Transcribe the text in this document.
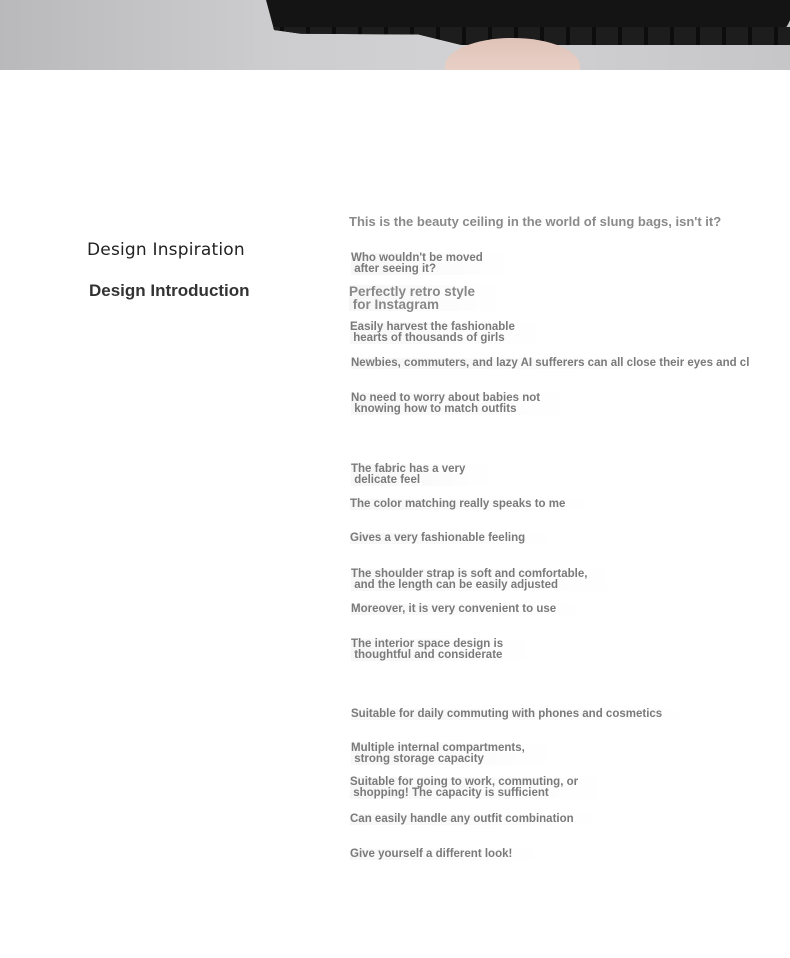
Design Inspiration
Design Introduction
This is the beauty ceiling in the world of slung bags, isn't it?

Who wouldn't be moved
after seeing it?

Perfectly retro style
for Instagram

Easily harvest the fashionable
hearts of thousands of girls

Newbies, commuters, and lazy AI sufferers can all close their eyes and cl

No need to worry about babies not
knowing how to match outfits

The fabric has a very
delicate feel

The color matching really speaks to me

Gives a very fashionable feeling

The shoulder strap is soft and comfortable,
and the length can be easily adjusted

Moreover, it is very convenient to use

The interior space design is
thoughtful and considerate

Suitable for daily commuting with phones and cosmetics

Multiple internal compartments,
strong storage capacity

Suitable for going to work, commuting, or
shopping! The capacity is sufficient

Can easily handle any outfit combination

Give yourself a different look!
